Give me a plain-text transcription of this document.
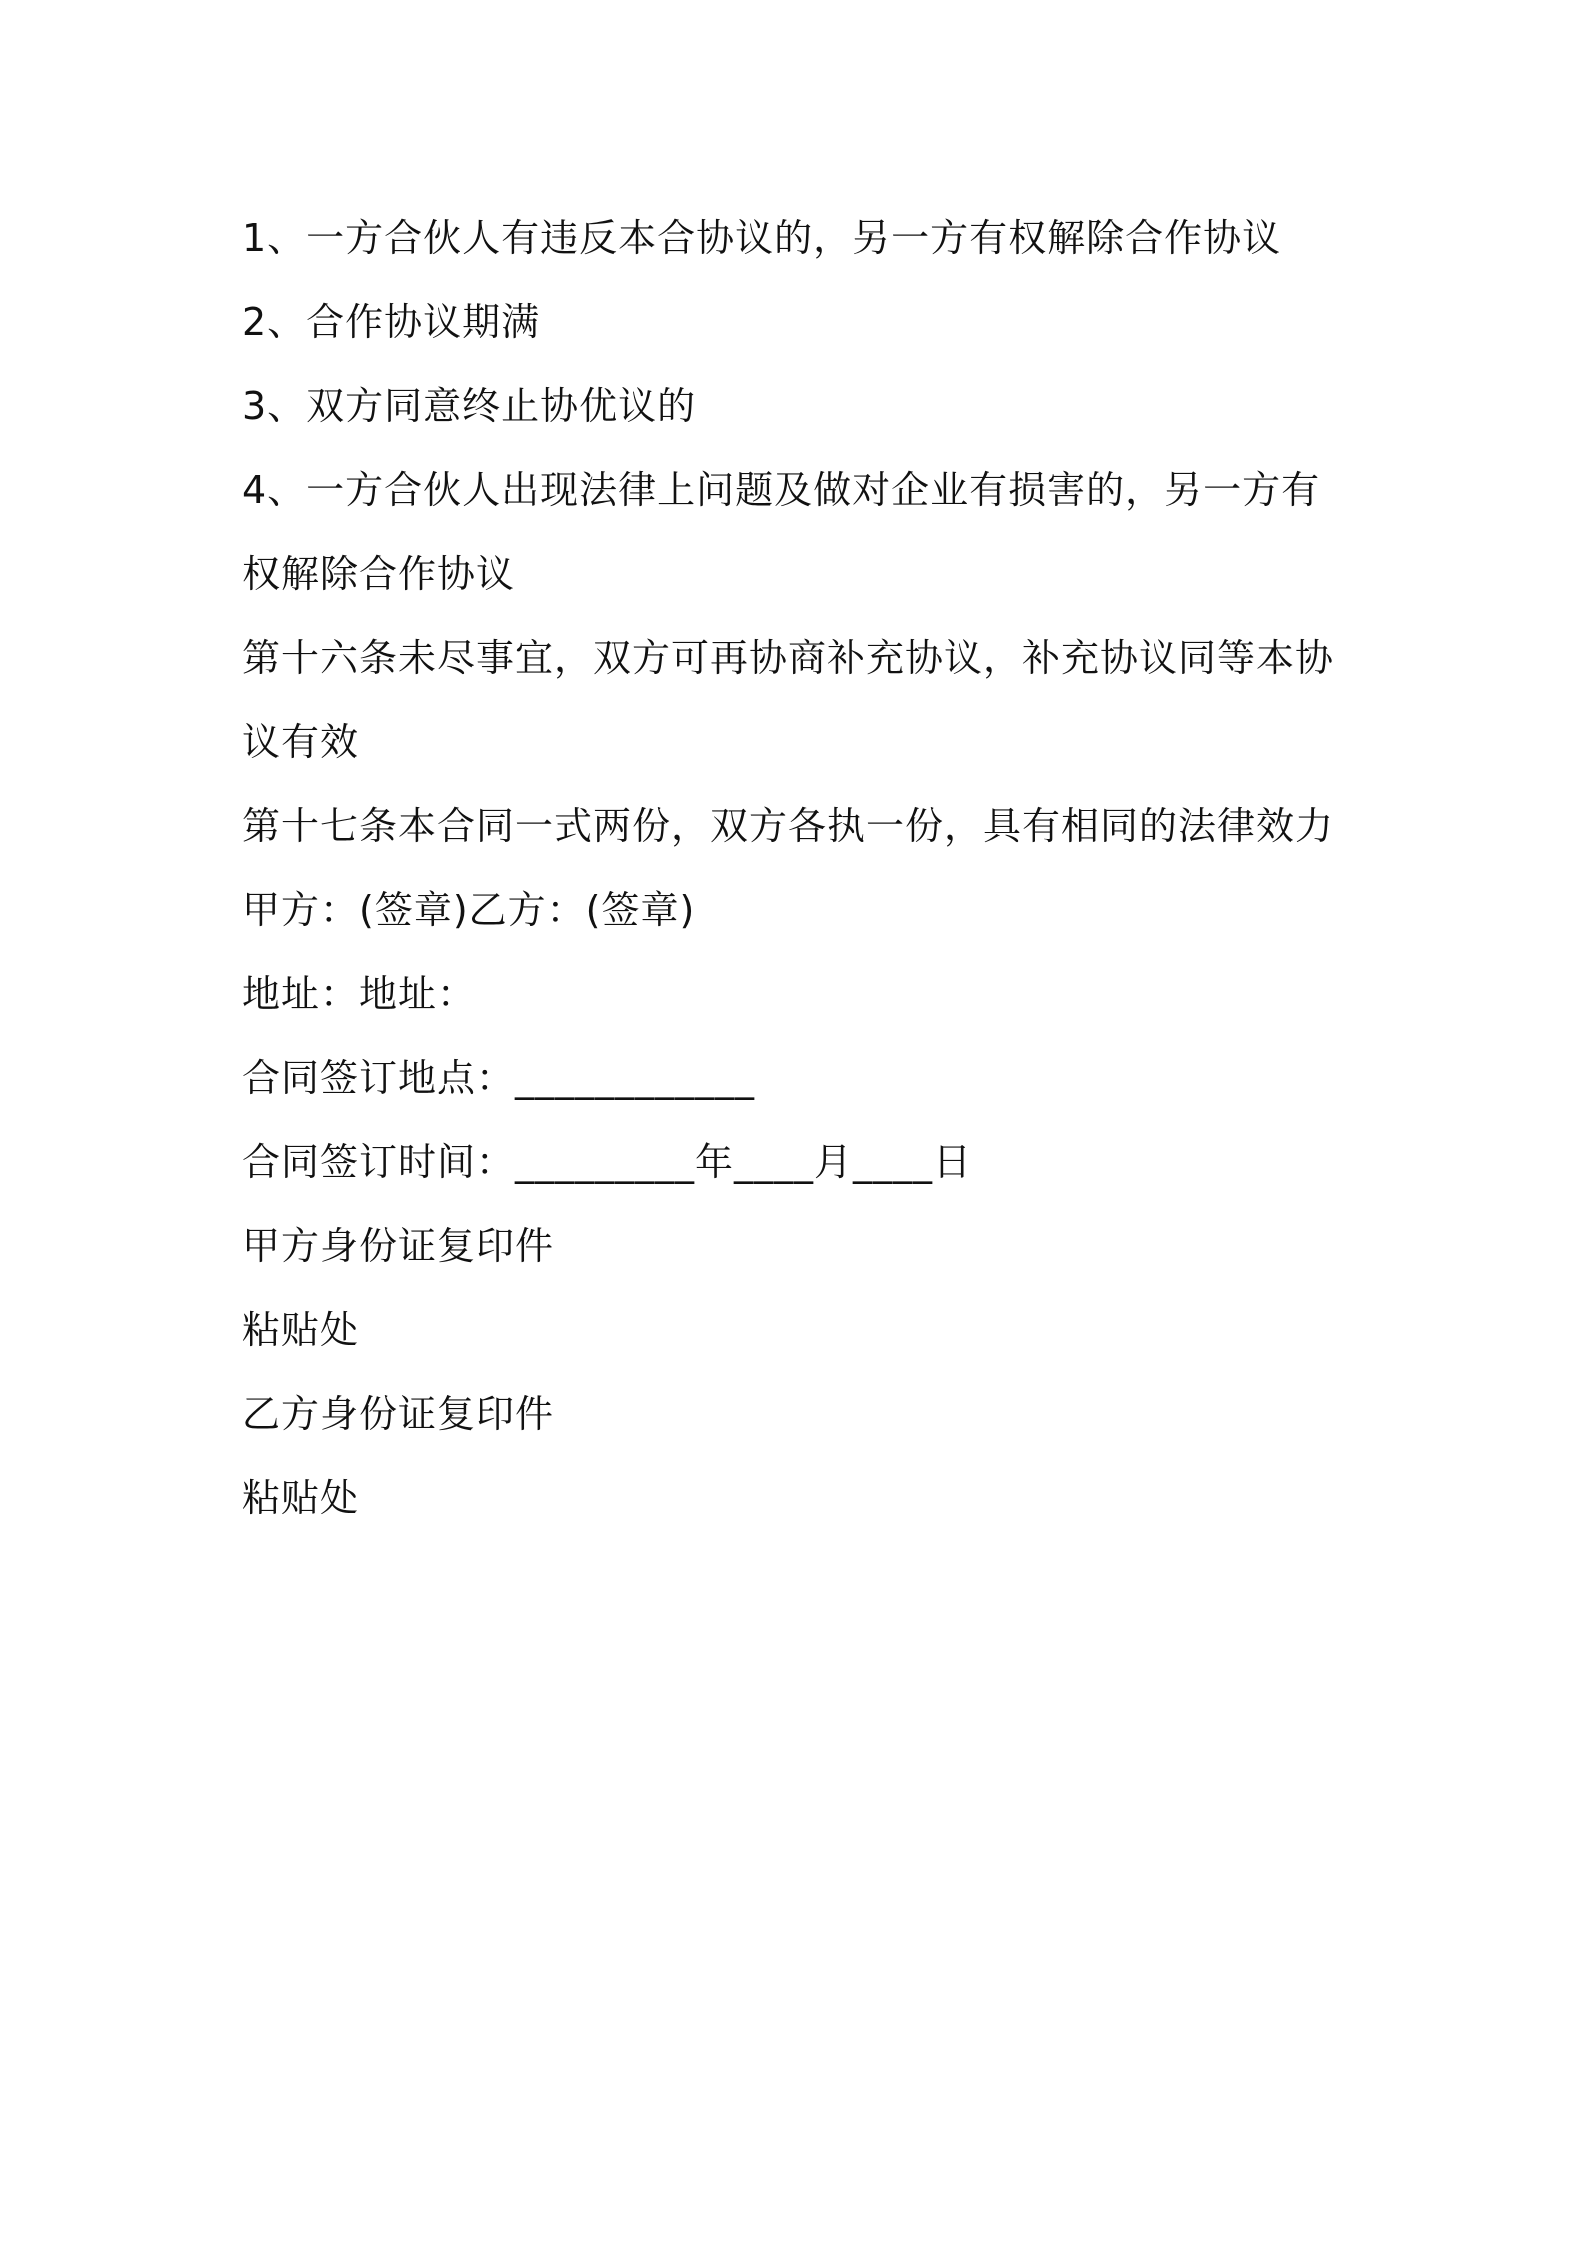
1、一方合伙人有违反本合协议的，另一方有权解除合作协议
2、合作协议期满
3、双方同意终止协优议的
4、一方合伙人出现法律上问题及做对企业有损害的，另一方有
权解除合作协议
第十六条未尽事宜，双方可再协商补充协议，补充协议同等本协
议有效
第十七条本合同一式两份，双方各执一份，具有相同的法律效力
甲方：(签章)乙方：(签章)
地址：地址：
合同签订地点：____________
合同签订时间：_________年____月____日
甲方身份证复印件
粘贴处
乙方身份证复印件
粘贴处
